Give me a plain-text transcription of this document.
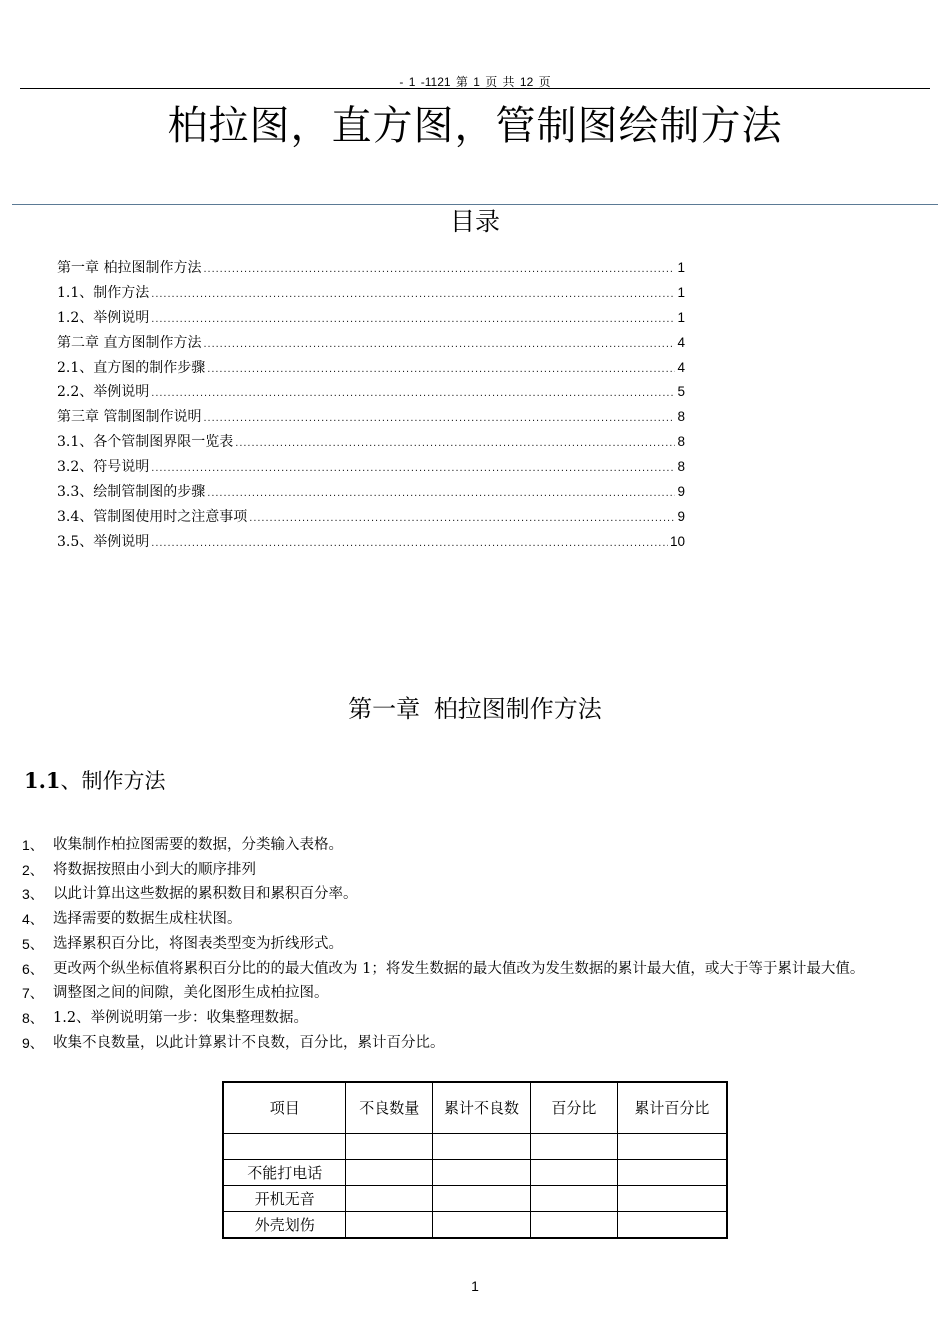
- 1 -1121 第 1 页 共 12 页
柏拉图，直方图，管制图绘制方法
目录
第一章 柏拉图制作方法 .....	1
1.1、制作方法 .....	1
1.2、举例说明 .....	1
第二章 直方图制作方法 .....	4
2.1、直方图的制作步骤 .....	4
2.2、举例说明 .....	5
第三章 管制图制作说明 .....	8
3.1、各个管制图界限一览表 .....	8
3.2、符号说明 .....	8
3.3、绘制管制图的步骤 .....	9
3.4、管制图使用时之注意事项 .....	9
3.5、举例说明 .....	10
第一章 柏拉图制作方法
1.1、制作方法
1、 收集制作柏拉图需要的数据，分类输入表格。
2、 将数据按照由小到大的顺序排列
3、 以此计算出这些数据的累积数目和累积百分率。
4、 选择需要的数据生成柱状图。
5、 选择累积百分比，将图表类型变为折线形式。
6、 更改两个纵坐标值将累积百分比的的最大值改为 1；将发生数据的最大值改为发生数据的累计最大值，或大于等于累计最大值。
7、 调整图之间的间隙，美化图形生成柏拉图。
8、 1.2、举例说明第一步：收集整理数据。
9、 收集不良数量，以此计算累计不良数，百分比，累计百分比。
项目	不良数量	累计不良数	百分比	累计百分比

不能打电话				
开机无音				
外壳划伤				
1
